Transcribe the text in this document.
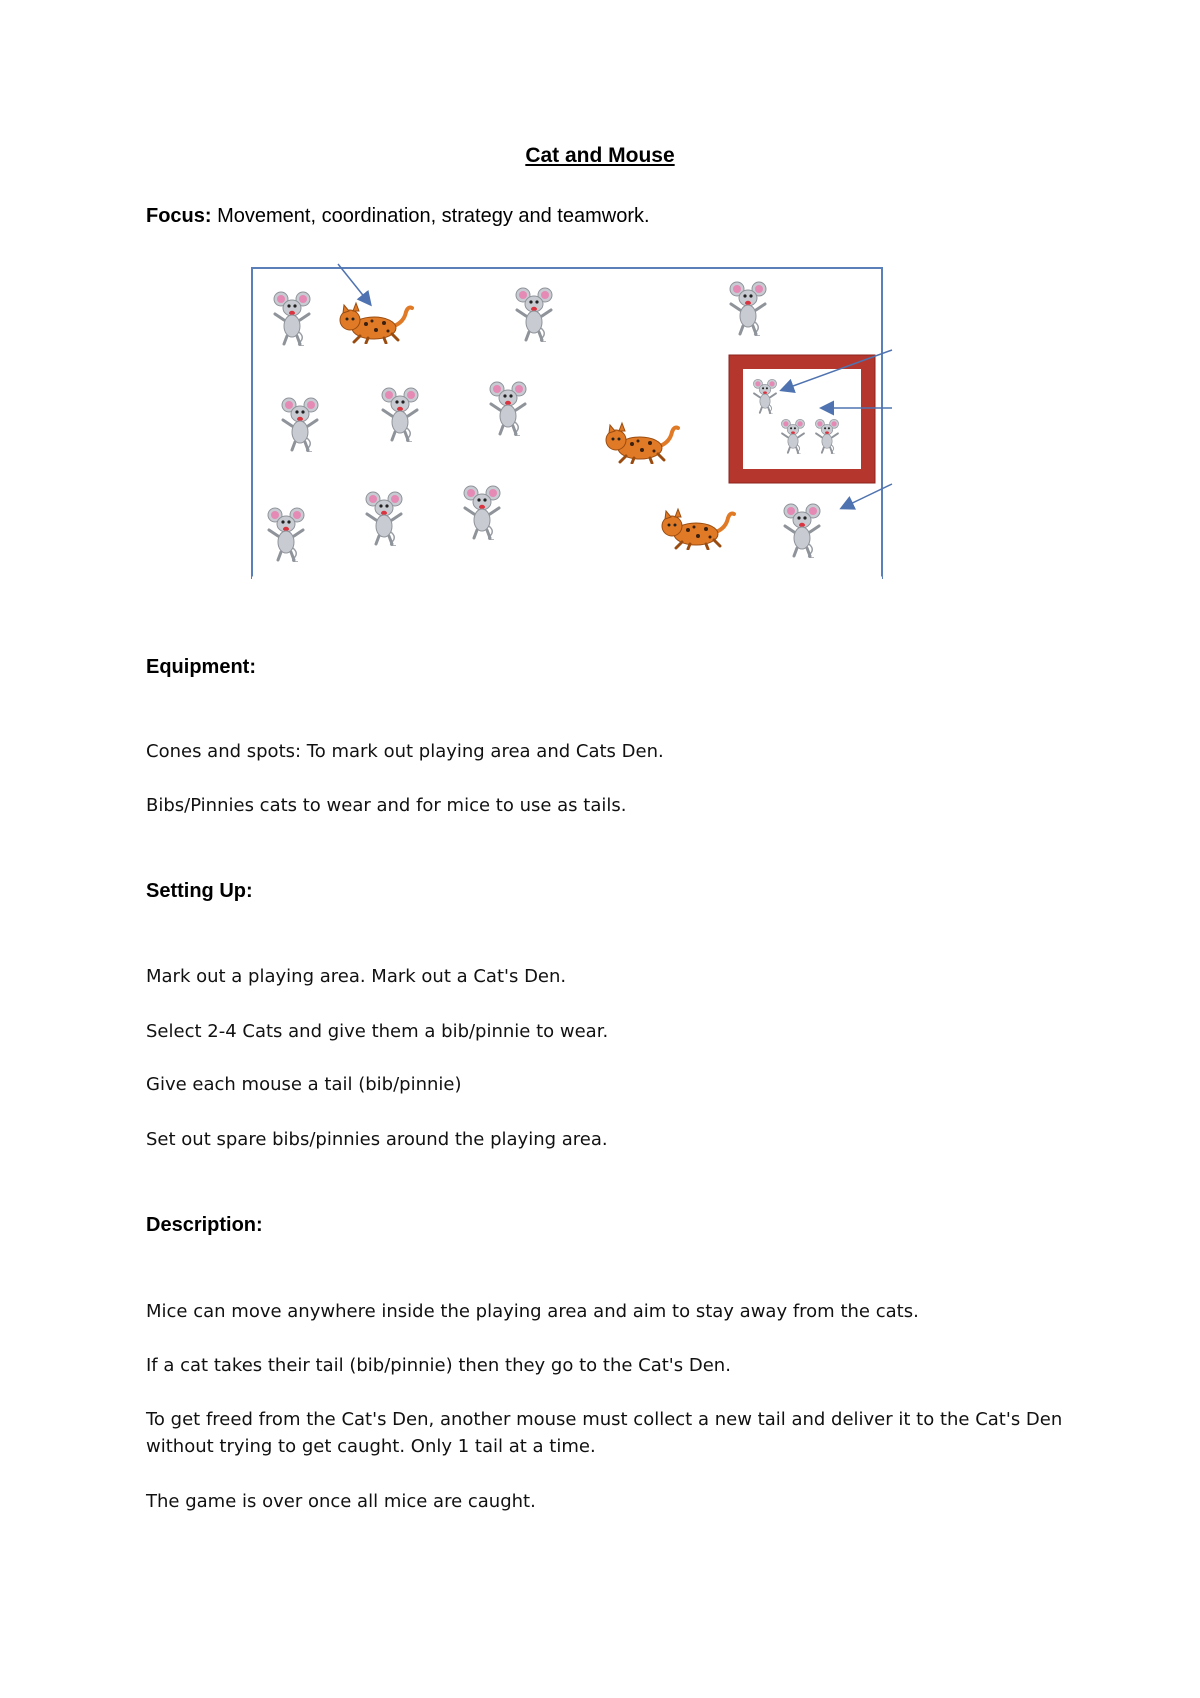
Cat and Mouse
Focus: Movement, coordination, strategy and teamwork.
Equipment:
Cones and spots: To mark out playing area and Cats Den.
Bibs/Pinnies cats to wear and for mice to use as tails.
Setting Up:
Mark out a playing area. Mark out a Cat's Den.
Select 2-4 Cats and give them a bib/pinnie to wear.
Give each mouse a tail (bib/pinnie)
Set out spare bibs/pinnies around the playing area.
Description:
Mice can move anywhere inside the playing area and aim to stay away from the cats.
If a cat takes their tail (bib/pinnie) then they go to the Cat's Den.
To get freed from the Cat's Den, another mouse must collect a new tail and deliver it to the Cat's Den without trying to get caught. Only 1 tail at a time.
The game is over once all mice are caught.
